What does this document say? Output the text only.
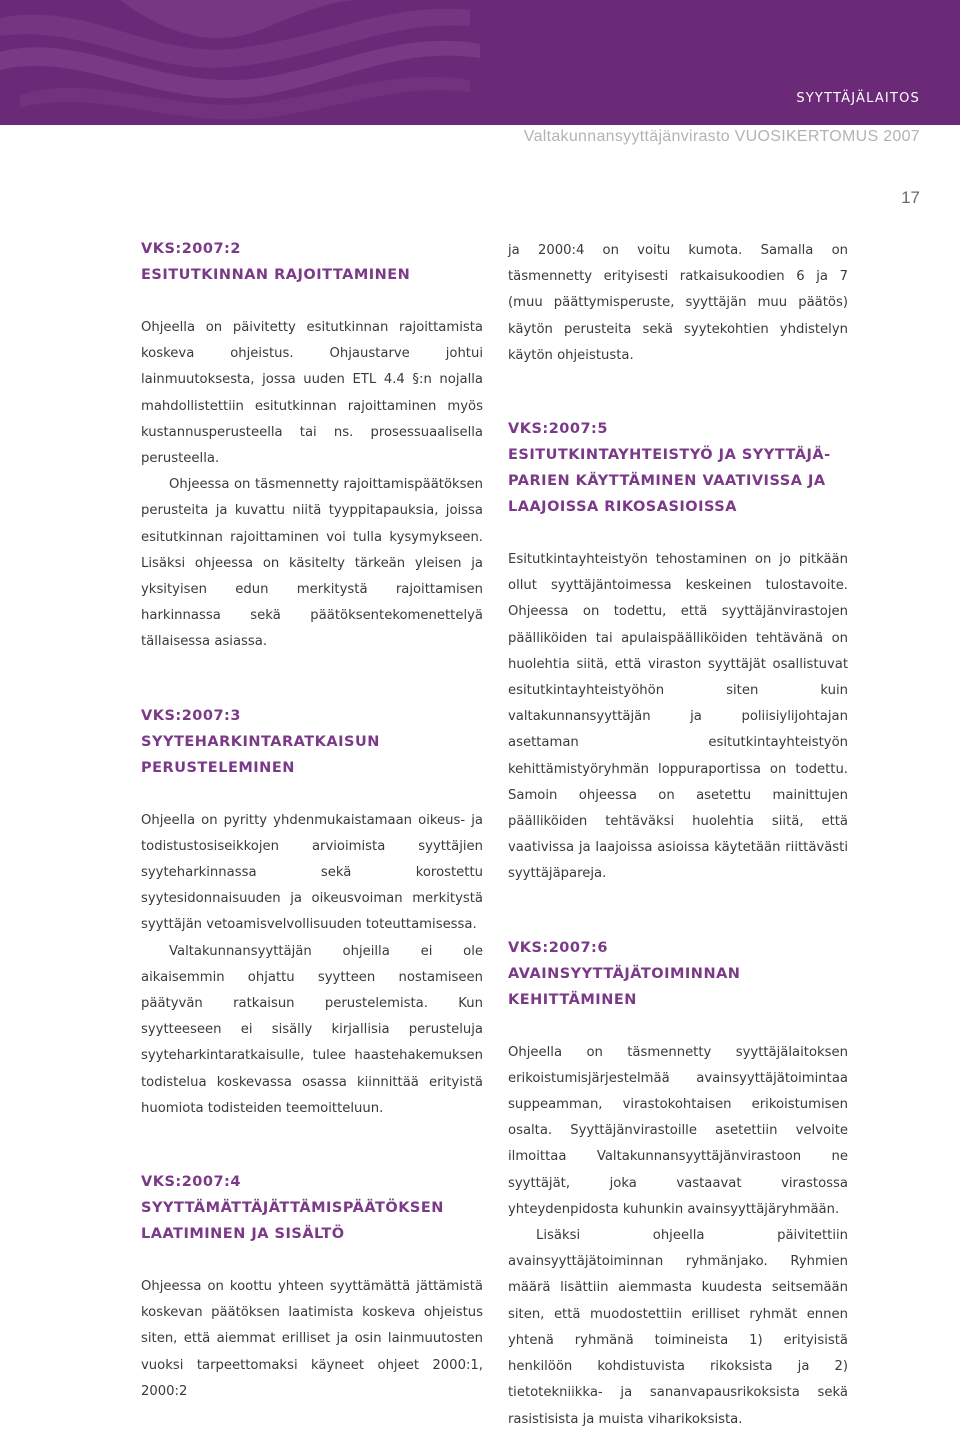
SYYTTÄJÄLAITOS
Valtakunnansyyttäjänvirasto VUOSIKERTOMUS 2007
17
VKS:2007:2
ESITUTKINNAN RAJOITTAMINEN

Ohjeella on päivitetty esitutkinnan rajoittamista koskeva ohjeistus. Ohjaustarve johtui lainmuutoksesta, jossa uuden ETL 4.4 §:n nojalla mahdollistettiin esitutkinnan rajoittaminen myös kustannusperusteella tai ns. prosessuaalisella perusteella.

Ohjeessa on täsmennetty rajoittamispäätöksen perusteita ja kuvattu niitä tyyppitapauksia, joissa esitutkinnan rajoittaminen voi tulla kysymykseen. Lisäksi ohjeessa on käsitelty tärkeän yleisen ja yksityisen edun merkitystä rajoittamisen harkinnassa sekä päätöksentekomenettelyä tällaisessa asiassa.

VKS:2007:3
SYYTEHARKINTARATKAISUN
PERUSTELEMINEN

Ohjeella on pyritty yhdenmukaistamaan oikeus- ja todistustosiseikkojen arvioimista syyttäjien syyteharkinnassa sekä korostettu syytesidonnaisuuden ja oikeusvoiman merkitystä syyttäjän vetoamisvelvollisuuden toteuttamisessa.

Valtakunnansyyttäjän ohjeilla ei ole aikaisemmin ohjattu syytteen nostamiseen päätyvän ratkaisun perustelemista. Kun syytteeseen ei sisälly kirjallisia perusteluja syyteharkintaratkaisulle, tulee haastehakemuksen todistelua koskevassa osassa kiinnittää erityistä huomiota todisteiden teemoitteluun.

VKS:2007:4
SYYTTÄMÄTTÄJÄTTÄMISPÄÄTÖKSEN
LAATIMINEN JA SISÄLTÖ

Ohjeessa on koottu yhteen syyttämättä jättämistä koskevan päätöksen laatimista koskeva ohjeistus siten, että aiemmat erilliset ja osin lainmuutosten vuoksi tarpeettomaksi käyneet ohjeet 2000:1, 2000:2

ja 2000:4 on voitu kumota. Samalla on täsmennetty erityisesti ratkaisukoodien 6 ja 7 (muu päättymisperuste, syyttäjän muu päätös) käytön perusteita sekä syytekohtien yhdistelyn käytön ohjeistusta.

VKS:2007:5
ESITUTKINTAYHTEISTYÖ JA SYYTTÄJÄ-
PARIEN KÄYTTÄMINEN VAATIVISSA JA
LAAJOISSA RIKOSASIOISSA

Esitutkintayhteistyön tehostaminen on jo pitkään ollut syyttäjäntoimessa keskeinen tulostavoite. Ohjeessa on todettu, että syyttäjänvirastojen päälliköiden tai apulaispäälliköiden tehtävänä on huolehtia siitä, että viraston syyttäjät osallistuvat esitutkintayhteistyöhön siten kuin valtakunnansyyttäjän ja poliisiylijohtajan asettaman esitutkintayhteistyön kehittämistyöryhmän loppuraportissa on todettu. Samoin ohjeessa on asetettu mainittujen päälliköiden tehtäväksi huolehtia siitä, että vaativissa ja laajoissa asioissa käytetään riittävästi syyttäjäpareja.

VKS:2007:6
AVAINSYYTTÄJÄTOIMINNAN KEHITTÄMINEN

Ohjeella on täsmennetty syyttäjälaitoksen erikoistumisjärjestelmää avainsyyttäjätoimintaa suppeamman, virastokohtaisen erikoistumisen osalta. Syyttäjänvirastoille asetettiin velvoite ilmoittaa Valtakunnansyyttäjänvirastoon ne syyttäjät, joka vastaavat virastossa yhteydenpidosta kuhunkin avainsyyttäjäryhmään.

Lisäksi ohjeella päivitettiin avainsyyttäjätoiminnan ryhmänjako. Ryhmien määrä lisättiin aiemmasta kuudesta seitsemään siten, että muodostettiin erilliset ryhmät ennen yhtenä ryhmänä toimineista 1) erityisistä henkilöön kohdistuvista rikoksista ja 2) tietotekniikka- ja sananvapausrikoksista sekä rasistisista ja muista viharikoksista.
